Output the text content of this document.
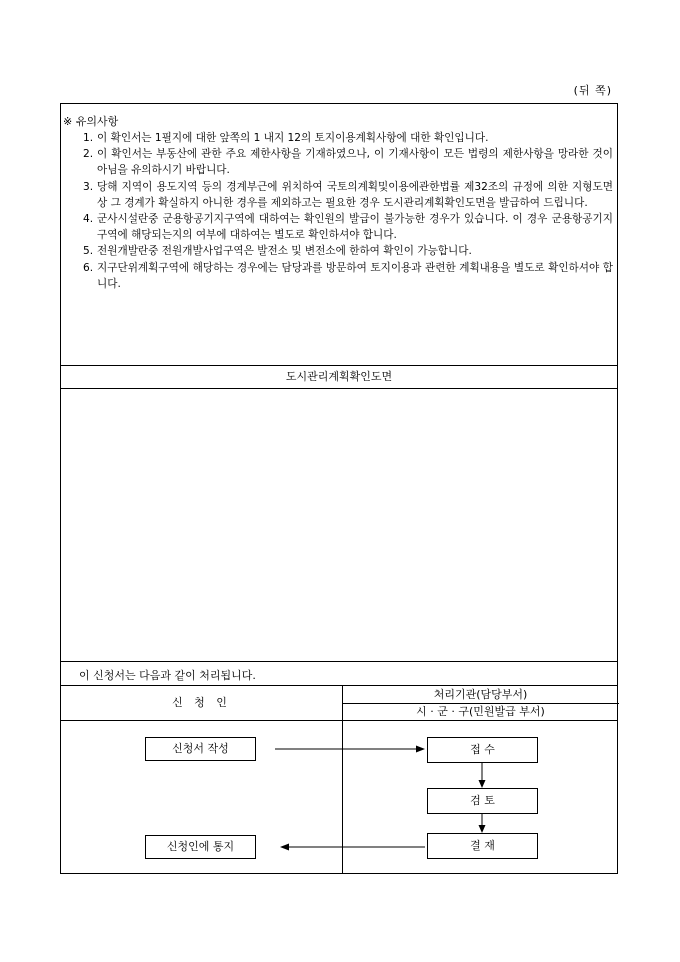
(뒤 쪽)
※ 유의사항
1. 이 확인서는 1필지에 대한 앞쪽의 1 내지 12의 토지이용계획사항에 대한 확인입니다.
2. 이 확인서는 부동산에 관한 주요 제한사항을 기재하였으나, 이 기재사항이 모든 법령의 제한사항을 망라한 것이 아님을 유의하시기 바랍니다.
3. 당해 지역이 용도지역 등의 경계부근에 위치하여 국토의계획및이용에관한법률 제32조의 규정에 의한 지형도면상 그 경계가 확실하지 아니한 경우를 제외하고는 필요한 경우 도시관리계획확인도면을 발급하여 드립니다.
4. 군사시설란중 군용항공기지구역에 대하여는 확인원의 발급이 불가능한 경우가 있습니다. 이 경우 군용항공기지구역에 해당되는지의 여부에 대하여는 별도로 확인하셔야 합니다.
5. 전원개발란중 전원개발사업구역은 발전소 및 변전소에 한하여 확인이 가능합니다.
6. 지구단위계획구역에 해당하는 경우에는 담당과를 방문하여 토지이용과 관련한 계획내용을 별도로 확인하셔야 합니다.
도시관리계획확인도면
이 신청서는 다음과 같이 처리됩니다.
신 청 인
처리기관(담당부서)
시 · 군 · 구(민원발급 부서)
신청서 작성	접 수
검 토
결 재
신청인에 통지
